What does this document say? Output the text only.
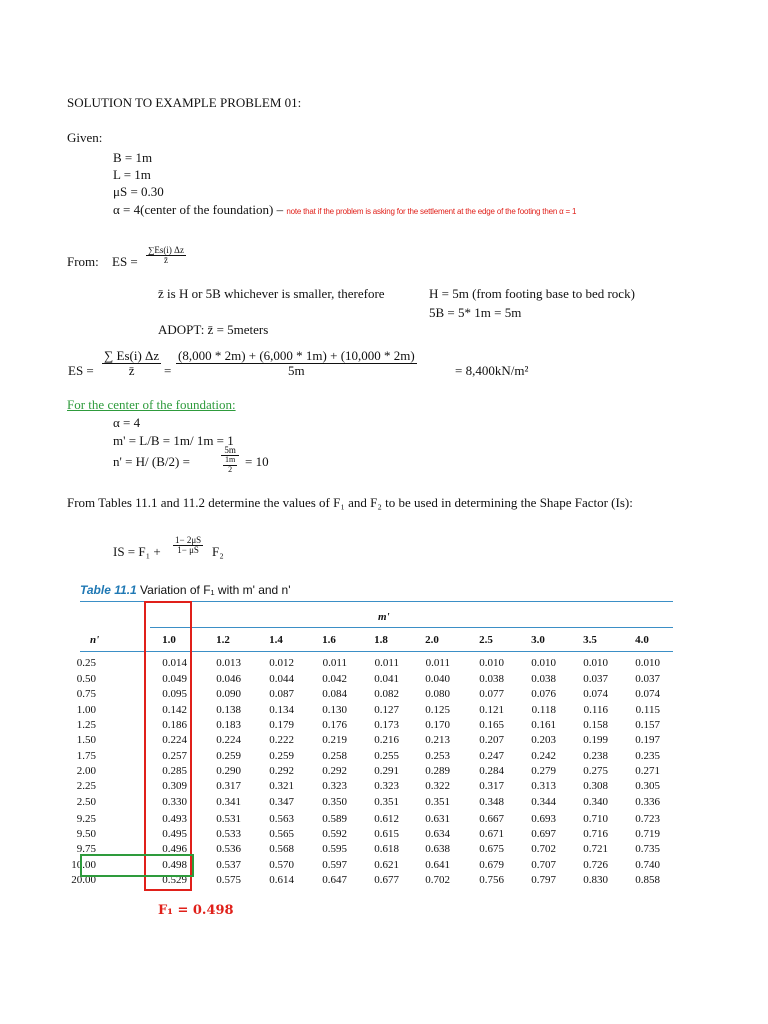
SOLUTION TO EXAMPLE PROBLEM 01:
Given:
B = 1m
L = 1m
μS = 0.30
α = 4(center of the foundation) – note that if the problem is asking for the settlement at the edge of the footing then α = 1
From: ES = $\frac{\sum Es(i) \Delta z}{z̄}$
z̄ is H or 5B whichever is smaller, therefore	H = 5m (from footing base to bed rock)
5B = 5* 1m = 5m
ADOPT: z̄ = 5meters
ES = $\frac{\sum Es(i) \Delta z}{z̄} = \frac{(8,000 * 2m) + (6,000 * 1m) + (10,000 * 2m)}{5m}$	= 8,400kN/m²
For the center of the foundation:
α = 4
m' = L/B = 1m/ 1m = 1
n' = H/ (B/2) =	$\frac{5m}{\frac{1m}{2}} = 10$
From Tables 11.1 and 11.2 determine the values of F₁ and F₂ to be used in determining the Shape Factor (Is):
IS = $F_1 + \frac{1- 2\mu S}{1- \mu S} F_2$
Table 11.1 Variation of F₁ with m' and n'
m'
n'	1.0	1.2	1.4	1.6	1.8	2.0	2.5	3.0	3.5	4.0
0.25	0.014	0.013	0.012	0.011	0.011	0.011	0.010	0.010	0.010	0.010
0.50	0.049	0.046	0.044	0.042	0.041	0.040	0.038	0.038	0.037	0.037
0.75	0.095	0.090	0.087	0.084	0.082	0.080	0.077	0.076	0.074	0.074
1.00	0.142	0.138	0.134	0.130	0.127	0.125	0.121	0.118	0.116	0.115
1.25	0.186	0.183	0.179	0.176	0.173	0.170	0.165	0.161	0.158	0.157
1.50	0.224	0.224	0.222	0.219	0.216	0.213	0.207	0.203	0.199	0.197
1.75	0.257	0.259	0.259	0.258	0.255	0.253	0.247	0.242	0.238	0.235
2.00	0.285	0.290	0.292	0.292	0.291	0.289	0.284	0.279	0.275	0.271
2.25	0.309	0.317	0.321	0.323	0.323	0.322	0.317	0.313	0.308	0.305
2.50	0.330	0.341	0.347	0.350	0.351	0.351	0.348	0.344	0.340	0.336
9.25	0.493	0.531	0.563	0.589	0.612	0.631	0.667	0.693	0.710	0.723
9.50	0.495	0.533	0.565	0.592	0.615	0.634	0.671	0.697	0.716	0.719
9.75	0.496	0.536	0.568	0.595	0.618	0.638	0.675	0.702	0.721	0.735
10.00	0.498	0.537	0.570	0.597	0.621	0.641	0.679	0.707	0.726	0.740
20.00	0.529	0.575	0.614	0.647	0.677	0.702	0.756	0.797	0.830	0.858
F₁ = 0.498
